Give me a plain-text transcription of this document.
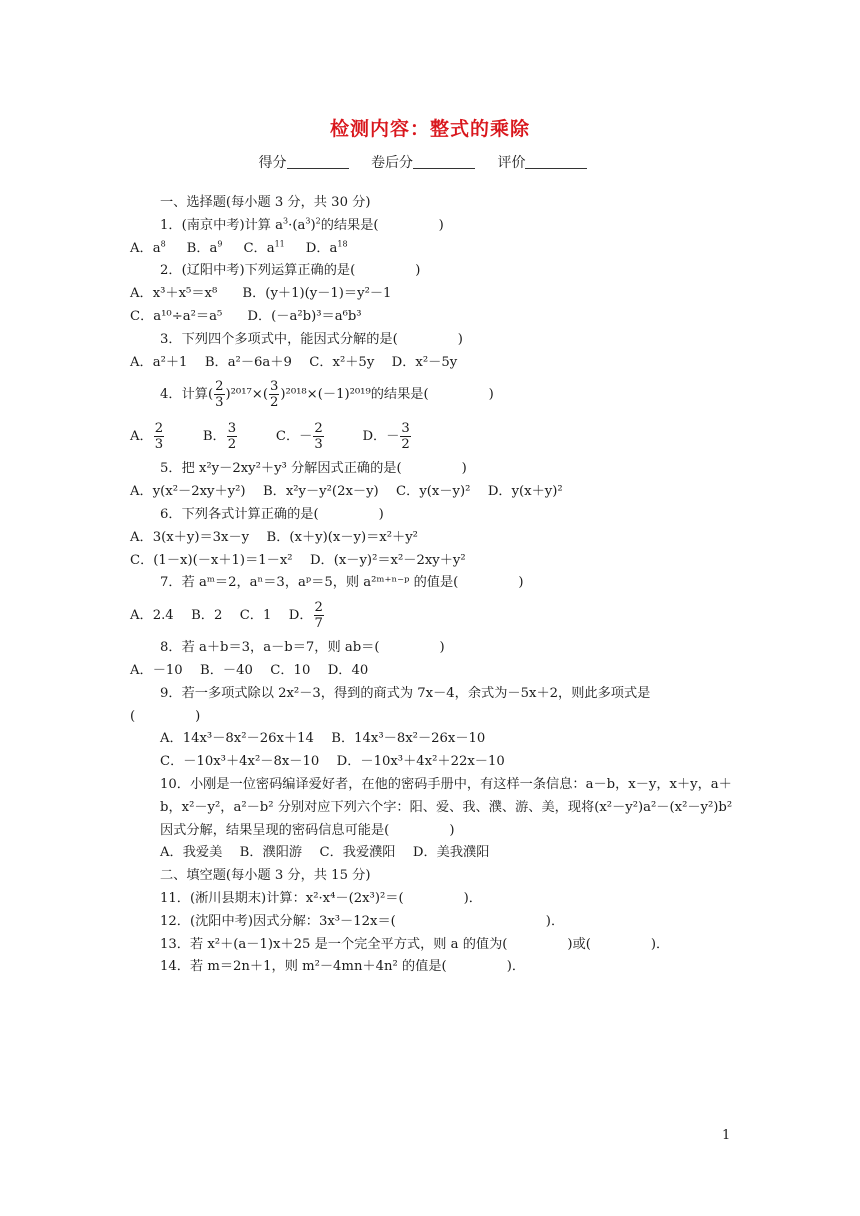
检测内容：整式的乘除
得分	卷后分	评价
一、选择题(每小题 3 分，共 30 分)
1．(南京中考)计算 $a^3\cdot(a^3)^2$的结果是(	)
A．$a^8$ B．$a^9$ C．$a^{11}$ D．$a^{18}$
2．(辽阳中考)下列运算正确的是(	)
A．x³＋x⁵＝x⁸ B．(y＋1)(y－1)＝y²－1
C．a¹⁰÷a²＝a⁵ D．(－a²b)³＝a⁶b³
3．下列四个多项式中，能因式分解的是(	)
A．a²＋1　 B．a²－6a＋9　 C．x²＋5y　 D．x²－5y
4．计算( $\frac{2}{3} )^{2017}\times( \frac{3}{2} )^{2018}\times(-1)^{2019}$的结果是(	)
A． $\frac{2}{3}$	B． $\frac{3}{2}$	C．－ $\frac{2}{3}$	D．－ $\frac{3}{2}$
5．把 x²y－2xy²＋y³ 分解因式正确的是(	)
A．y(x²－2xy＋y²)　 B．x²y－y²(2x－y)　 C．y(x－y)²　 D．y(x＋y)²
6．下列各式计算正确的是(	)
A．3(x＋y)＝3x－y　 B．(x＋y)(x－y)＝x²＋y²
C．(1－x)(－x＋1)＝1－x²　 D．(x－y)²＝x²－2xy＋y²
7．若 aᵐ＝2，aⁿ＝3，aᵖ＝5，则 a²ᵐ⁺ⁿ⁻ᵖ 的值是(	)
A．2.4　 B．2　 C．1　 D． $\frac{2}{7}$
8．若 a＋b＝3，a－b＝7，则 ab＝(	)
A．－10　 B．－40　 C．10　 D．40
9．若一多项式除以 2x²－3，得到的商式为 7x－4，余式为－5x＋2，则此多项式是
(	)
A．14x³－8x²－26x＋14　 B．14x³－8x²－26x－10
C．－10x³＋4x²－8x－10　 D．－10x³＋4x²＋22x－10
10．小刚是一位密码编译爱好者，在他的密码手册中，有这样一条信息：a－b，x－y，x＋y，a＋b，x²－y²，a²－b² 分别对应下列六个字：阳、爱、我、濮、游、美，现将(x²－y²)a²－(x²－y²)b² 因式分解，结果呈现的密码信息可能是(	)
A．我爱美　 B．濮阳游　 C．我爱濮阳　 D．美我濮阳
二、填空题(每小题 3 分，共 15 分)
11．(淅川县期末)计算：x²·x⁴－(2x³)²＝(	)．
12．(沈阳中考)因式分解：3x³－12x＝(	)．
13．若 x²＋(a－1)x＋25 是一个完全平方式，则 a 的值为(	)或(	)．
14．若 m＝2n＋1，则 m²－4mn＋4n² 的值是(	)．
1
